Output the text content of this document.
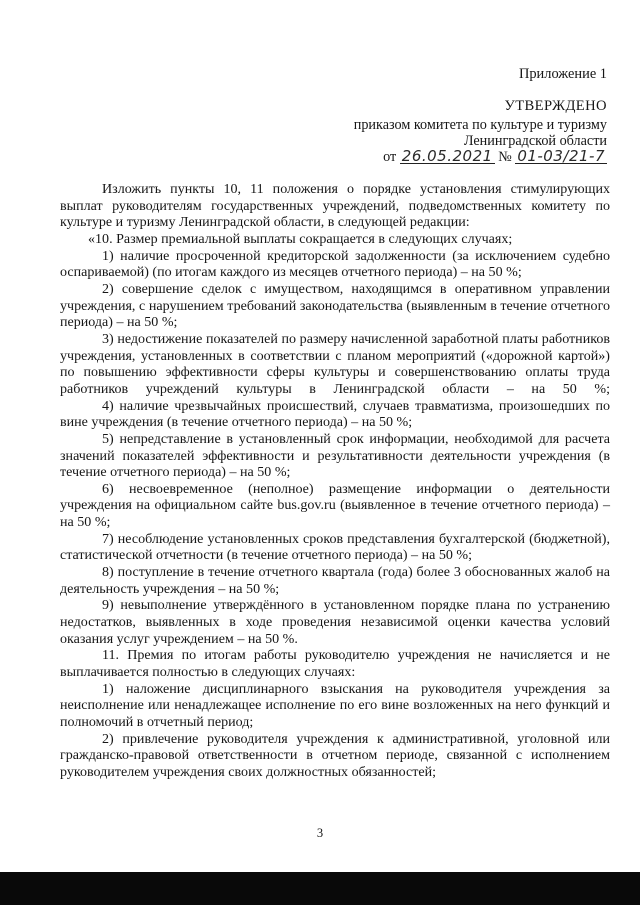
Приложение 1
УТВЕРЖДЕНО
приказом комитета по культуре и туризму
Ленинградской области
от 26.05.2021 № 01-03/21-7

Изложить пункты 10, 11 положения о порядке установления стимулирующих выплат руководителям государственных учреждений, подведомственных комитету по культуре и туризму Ленинградской области, в следующей редакции:

«10. Размер премиальной выплаты сокращается в следующих случаях;

1) наличие просроченной кредиторской задолженности (за исключением судебно оспариваемой) (по итогам каждого из месяцев отчетного периода) – на 50 %;

2) совершение сделок с имуществом, находящимся в оперативном управлении учреждения, с нарушением требований законодательства (выявленным в течение отчетного периода) – на 50 %;

3) недостижение показателей по размеру начисленной заработной платы работников учреждения, установленных в соответствии с планом мероприятий («дорожной картой») по повышению эффективности сферы культуры и совершенствованию оплаты труда работников учреждений культуры в Ленинградской области – на 50 %;

4) наличие чрезвычайных происшествий, случаев травматизма, произошедших по вине учреждения (в течение отчетного периода) – на 50 %;

5) непредставление в установленный срок информации, необходимой для расчета значений показателей эффективности и результативности деятельности учреждения (в течение отчетного периода) – на 50 %;

6) несвоевременное (неполное) размещение информации о деятельности учреждения на официальном сайте bus.gov.ru (выявленное в течение отчетного периода) – на 50 %;

7) несоблюдение установленных сроков представления бухгалтерской (бюджетной), статистической отчетности (в течение отчетного периода) – на 50 %;

8) поступление в течение отчетного квартала (года) более 3 обоснованных жалоб на деятельность учреждения – на 50 %;

9) невыполнение утверждённого в установленном порядке плана по устранению недостатков, выявленных в ходе проведения независимой оценки качества условий оказания услуг учреждением – на 50 %.

11. Премия по итогам работы руководителю учреждения не начисляется и не выплачивается полностью в следующих случаях:

1) наложение дисциплинарного взыскания на руководителя учреждения за неисполнение или ненадлежащее исполнение по его вине возложенных на него функций и полномочий в отчетный период;

2) привлечение руководителя учреждения к административной, уголовной или гражданско-правовой ответственности в отчетном периоде, связанной с исполнением руководителем учреждения своих должностных обязанностей;

3
